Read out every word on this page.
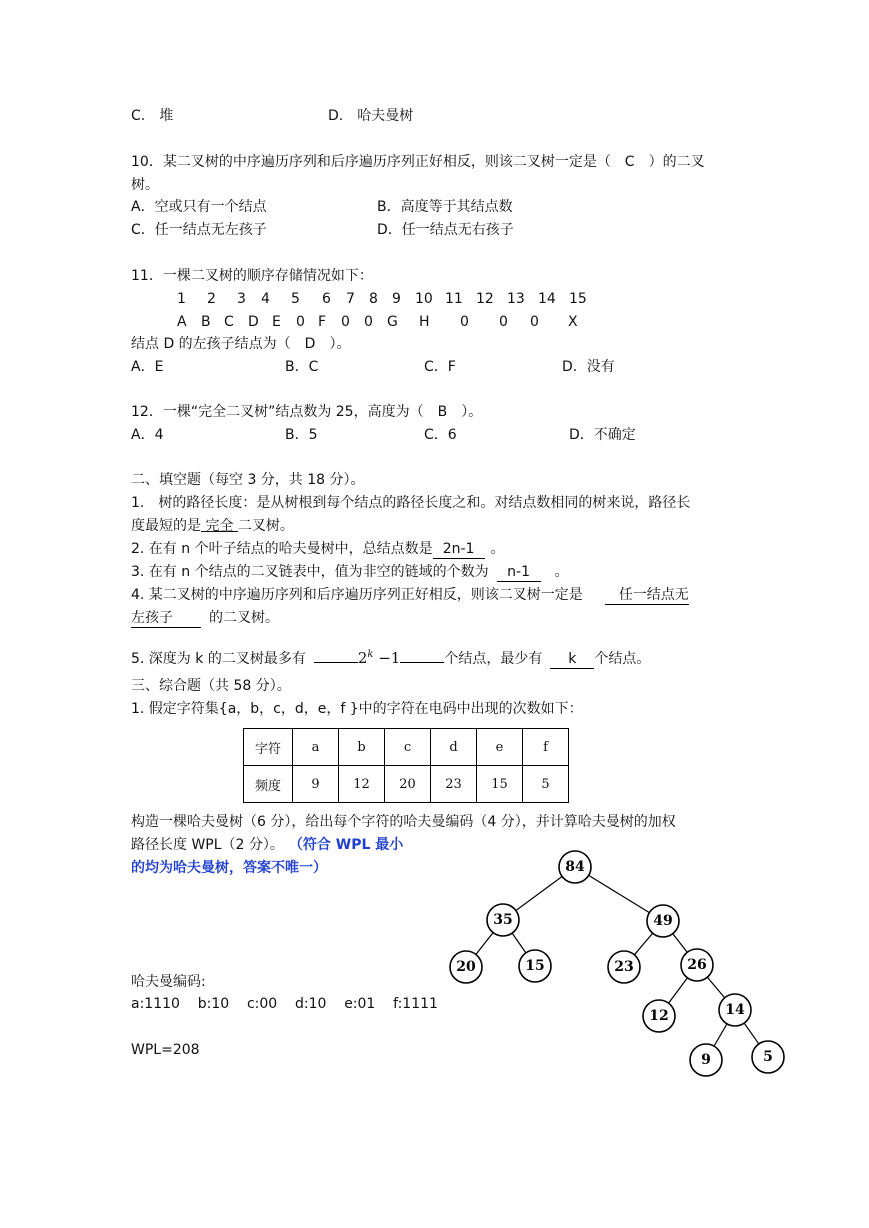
C.　堆	D.　哈夫曼树
10．某二叉树的中序遍历序列和后序遍历序列正好相反，则该二叉树一定是（　C　）的二叉
树。
A．空或只有一个结点	B．高度等于其结点数
C．任一结点无左孩子	D．任一结点无右孩子
11．一棵二叉树的顺序存储情况如下：
1 2 3 4 5 6 7 8 9 10 11 12 13 14 15
A B C D E 0 F 0 0 G H 0 0 0 X
结点 D 的左孩子结点为（　D　）。
A．E	B．C	C．F	D．没有
12．一棵“完全二叉树”结点数为 25，高度为（　B　）。
A．4	B．5	C．6	D．不确定
二、填空题（每空 3 分，共 18 分）。
1.　树的路径长度：是从树根到每个结点的路径长度之和。对结点数相同的树来说，路径长
度最短的是 完全 二叉树。
2. 在有 n 个叶子结点的哈夫曼树中，总结点数是 2n-1 。
3. 在有 n 个结点的二叉链表中，值为非空的链域的个数为 n-1 。
4. 某二叉树的中序遍历序列和后序遍历序列正好相反，则该二叉树一定是	任一结点无
左孩子	的二叉树。
5. 深度为 k 的二叉树最多有	$2^k -1$	个结点，最少有 k 个结点。
三、综合题（共 58 分）。
1. 假定字符集{a，b，c，d，e，f }中的字符在电码中出现的次数如下：
字符	a	b	c	d	e	f
频度	9	12	20	23	15	5
构造一棵哈夫曼树（6 分），给出每个字符的哈夫曼编码（4 分），并计算哈夫曼树的加权
路径长度 WPL（2 分）。 （符合 WPL 最小
的均为哈夫曼树，答案不唯一）
哈夫曼编码:
a:1110    b:10    c:00    d:10    e:01    f:1111
WPL=208
84
35	49
20	15	23	26
12	14
9	5
